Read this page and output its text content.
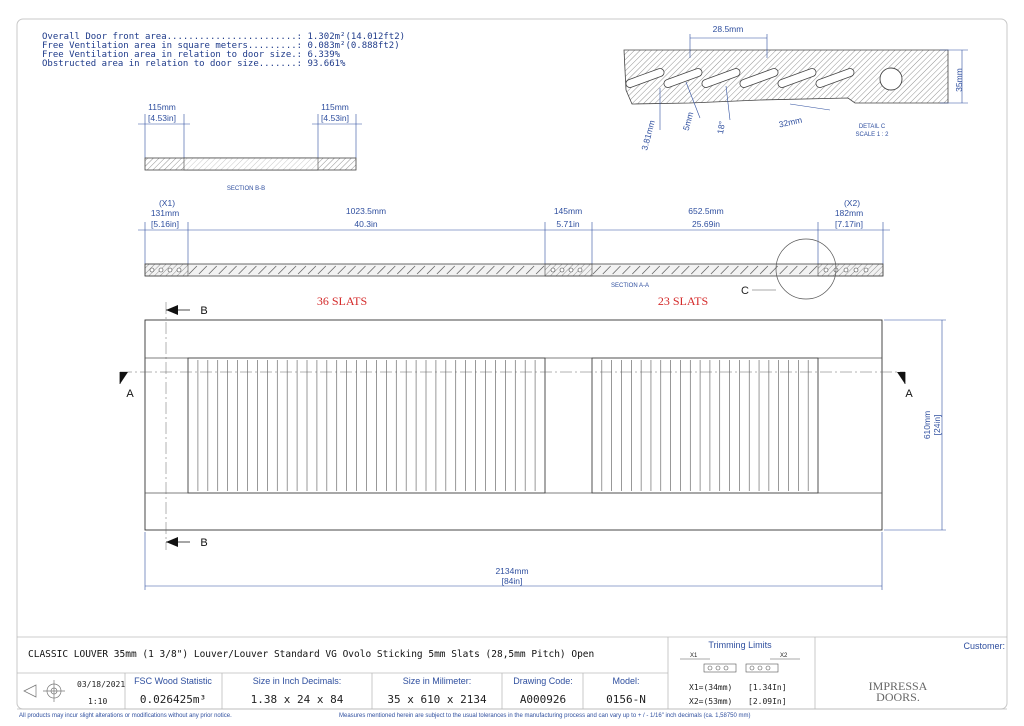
Overall Door front area........................: 1.302m²(14.012ft2)
Free Ventilation area in square meters.........: 0.083m²(0.888ft2)
Free Ventilation area in relation to door size.: 6.339%
Obstructed area in relation to door size.......: 93.661%
115mm
[4.53in]
115mm
[4.53in]
SECTION B-B
28.5mm
35mm
3.81mm	5mm 18°	32mm	DETAIL C
SCALE 1 : 2
(X1)
131mm
[5.16in]
1023.5mm
40.3in
145mm
5.71in
652.5mm
25.69in
(X2)
182mm
[7.17in]
C
SECTION A-A
36 SLATS	23 SLATS
A	A
B
B
610mm [24in]
2134mm
[84in]
CLASSIC LOUVER 35mm (1 3/8") Louver/Louver Standard VG Ovolo Sticking 5mm Slats (28,5mm Pitch) Open
03/18/2021
1:10
FSC Wood Statistic	Size in Inch Decimals:	Size in Milimeter:	Drawing Code:	Model:
Trimming Limits
0.026425m³	1.38 x 24 x 84	35 x 610 x 2134	A000926	0156-N
X1	X2
X1=(34mm) [1.34In]
X2=(53mm) [2.09In]
Customer:
IMPRESSA
DOORS.
All products may incur slight alterations or modifications without any prior notice.	Measures mentioned herein are subject to the usual tolerances in the manufacturing process and can vary up to + / - 1/16" inch decimals (ca. 1,58750 mm)
